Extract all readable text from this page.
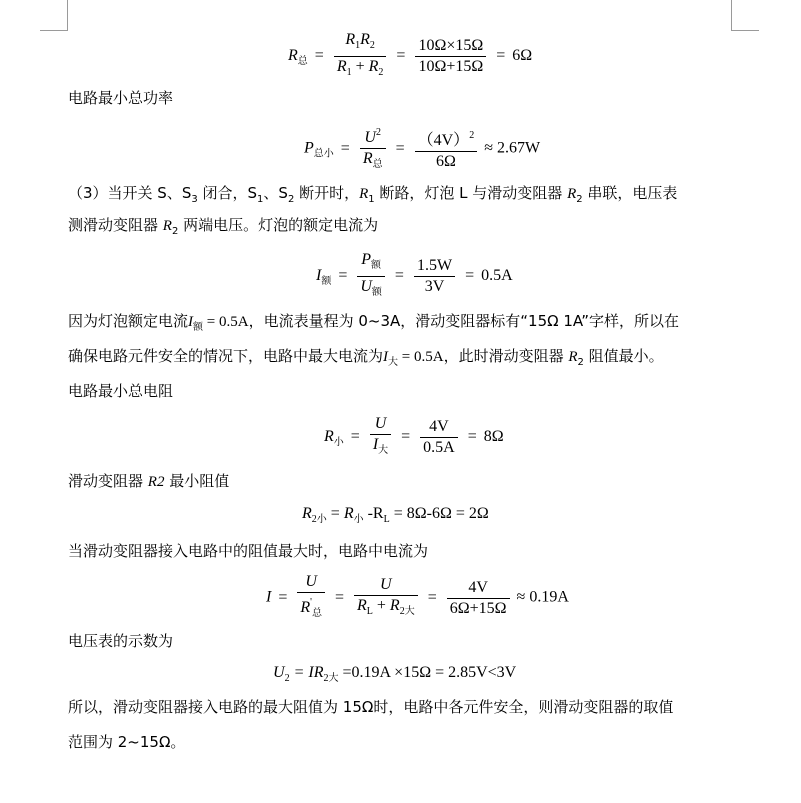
$R_总 = \frac{R_1R_2}{R_1 + R_2} = \frac{10\Omega\times 15\Omega}{10\Omega+15\Omega} = 6\Omega$
电路最小总功率
$P_{总小} = \frac{U^2}{R_总} = \frac{(4V)^2}{6\Omega} \approx 2.67W$
（3）当开关 S、$S_3$ 闭合，$S_1$、$S_2$ 断开时，$R_1$ 断路，灯泡 L 与滑动变阻器 $R_2$ 串联，电压表
测滑动变阻器 $R_2$ 两端电压。灯泡的额定电流为
$I_额 = \frac{P_额}{U_额} = \frac{1.5W}{3V} = 0.5A$
因为灯泡额定电流$I_额 = 0.5A$，电流表量程为 0~3A，滑动变阻器标有“15Ω 1A”字样，所以在
确保电路元件安全的情况下，电路中最大电流为$I_大 = 0.5A$，此时滑动变阻器 $R_2$ 阻值最小。
电路最小总电阻
$R_小 = \frac{U}{I_大} = \frac{4V}{0.5A} = 8\Omega$
滑动变阻器 R2 最小阻值
$R_{2小} = R_小$ $-R_L = 8\Omega-6\Omega = 2\Omega$
当滑动变阻器接入电路中的阻值最大时，电路中电流为
$I = \frac{U}{R'_总} = \frac{U}{R_L + R_{2大}} = \frac{4V}{6\Omega+15\Omega} \approx 0.19A$
电压表的示数为
$U_2 = IR_{2大} =0.19A \times 15\Omega = 2.85V<3V$
所以，滑动变阻器接入电路的最大阻值为 15Ω时，电路中各元件安全，则滑动变阻器的取值
范围为 2~15Ω。
